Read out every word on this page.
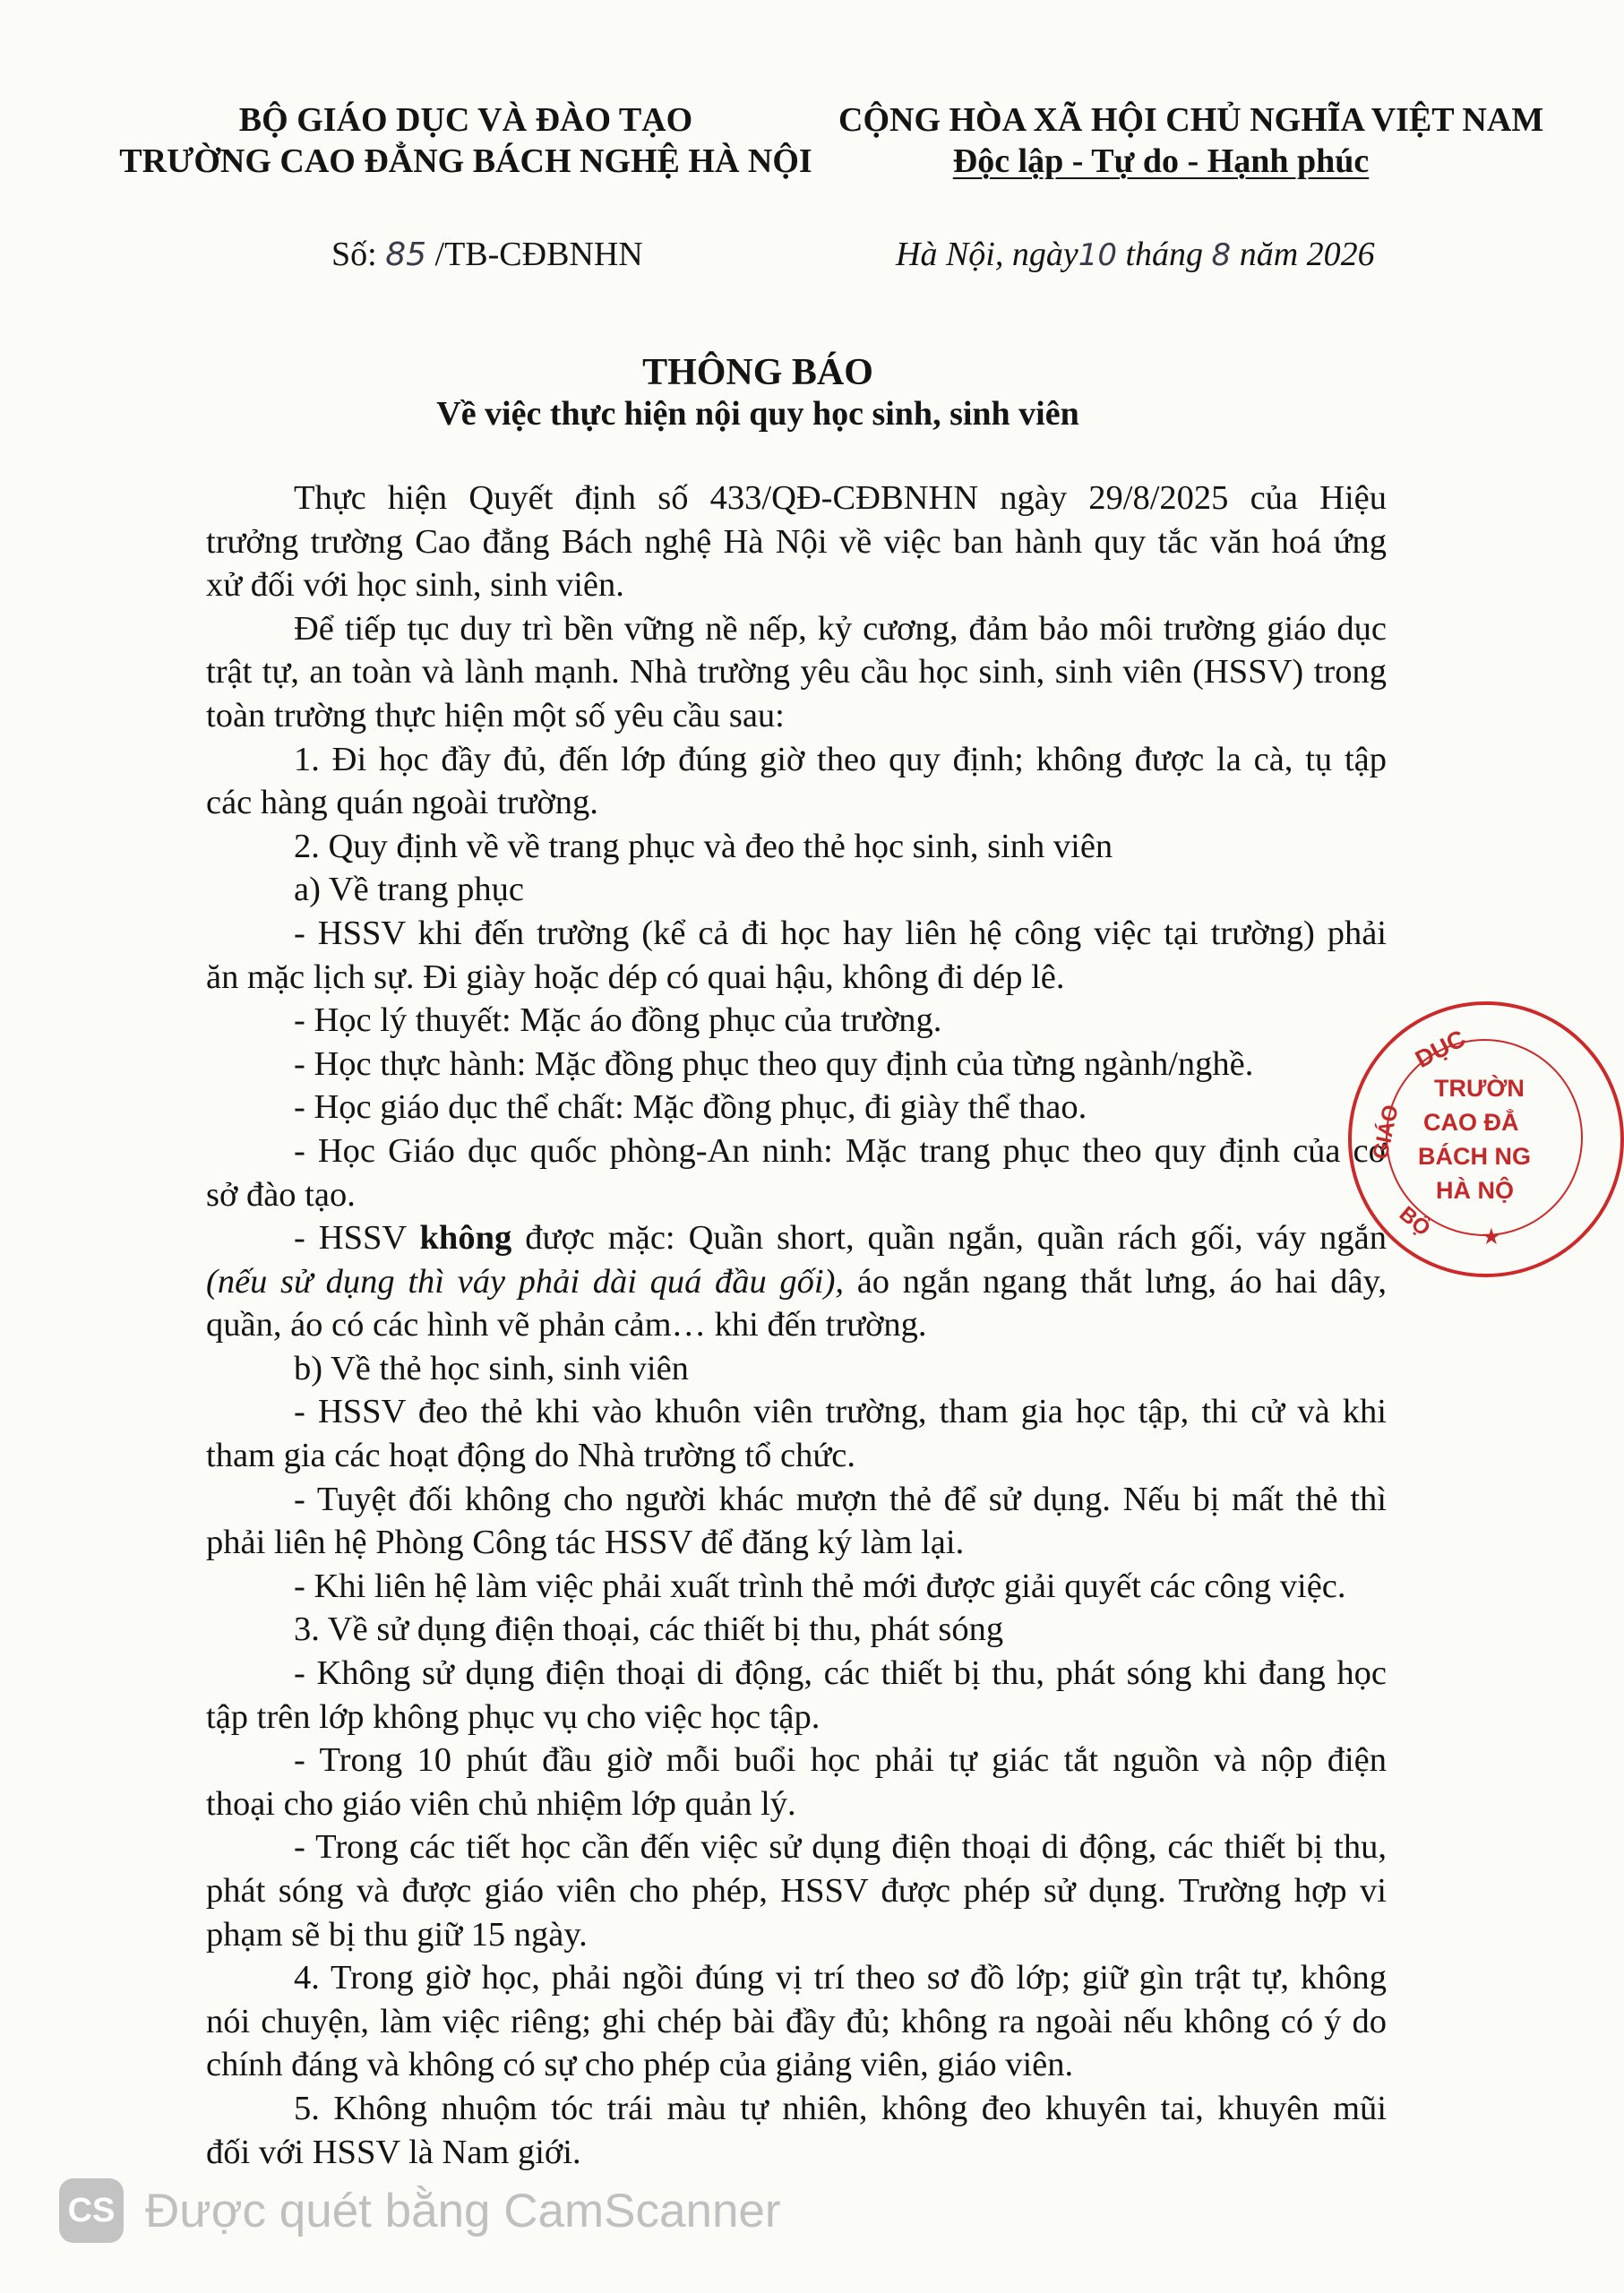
BỘ GIÁO DỤC VÀ ĐÀO TẠO
TRƯỜNG CAO ĐẲNG BÁCH NGHỆ HÀ NỘI
CỘNG HÒA XÃ HỘI CHỦ NGHĨA VIỆT NAM
Độc lập - Tự do - Hạnh phúc
Số: 85 /TB-CĐBNHN	Hà Nội, ngày10 tháng 8 năm 2026
THÔNG BÁO
Về việc thực hiện nội quy học sinh, sinh viên
Thực hiện Quyết định số 433/QĐ-CĐBNHN ngày 29/8/2025 của Hiệu
trưởng trường Cao đẳng Bách nghệ Hà Nội về việc ban hành quy tắc văn hoá ứng
xử đối với học sinh, sinh viên.
Để tiếp tục duy trì bền vững nề nếp, kỷ cương, đảm bảo môi trường giáo dục
trật tự, an toàn và lành mạnh. Nhà trường yêu cầu học sinh, sinh viên (HSSV) trong
toàn trường thực hiện một số yêu cầu sau:
1. Đi học đầy đủ, đến lớp đúng giờ theo quy định; không được la cà, tụ tập
các hàng quán ngoài trường.
2. Quy định về về trang phục và đeo thẻ học sinh, sinh viên
a) Về trang phục
- HSSV khi đến trường (kể cả đi học hay liên hệ công việc tại trường) phải
ăn mặc lịch sự. Đi giày hoặc dép có quai hậu, không đi dép lê.
- Học lý thuyết: Mặc áo đồng phục của trường.
- Học thực hành: Mặc đồng phục theo quy định của từng ngành/nghề.
- Học giáo dục thể chất: Mặc đồng phục, đi giày thể thao.
- Học Giáo dục quốc phòng-An ninh: Mặc trang phục theo quy định của cơ
sở đào tạo.
- HSSV không được mặc: Quần short, quần ngắn, quần rách gối, váy ngắn
(nếu sử dụng thì váy phải dài quá đầu gối), áo ngắn ngang thắt lưng, áo hai dây,
quần, áo có các hình vẽ phản cảm… khi đến trường.
b) Về thẻ học sinh, sinh viên
- HSSV đeo thẻ khi vào khuôn viên trường, tham gia học tập, thi cử và khi
tham gia các hoạt động do Nhà trường tổ chức.
- Tuyệt đối không cho người khác mượn thẻ để sử dụng. Nếu bị mất thẻ thì
phải liên hệ Phòng Công tác HSSV để đăng ký làm lại.
- Khi liên hệ làm việc phải xuất trình thẻ mới được giải quyết các công việc.
3. Về sử dụng điện thoại, các thiết bị thu, phát sóng
- Không sử dụng điện thoại di động, các thiết bị thu, phát sóng khi đang học
tập trên lớp không phục vụ cho việc học tập.
- Trong 10 phút đầu giờ mỗi buổi học phải tự giác tắt nguồn và nộp điện
thoại cho giáo viên chủ nhiệm lớp quản lý.
- Trong các tiết học cần đến việc sử dụng điện thoại di động, các thiết bị thu,
phát sóng và được giáo viên cho phép, HSSV được phép sử dụng. Trường hợp vi
phạm sẽ bị thu giữ 15 ngày.
4. Trong giờ học, phải ngồi đúng vị trí theo sơ đồ lớp; giữ gìn trật tự, không
nói chuyện, làm việc riêng; ghi chép bài đầy đủ; không ra ngoài nếu không có ý do
chính đáng và không có sự cho phép của giảng viên, giáo viên.
5. Không nhuộm tóc trái màu tự nhiên, không đeo khuyên tai, khuyên mũi
đối với HSSV là Nam giới.
DỤC
GIÁO
BỘ
TRƯỜN
CAO ĐẲ
BÁCH NG
HÀ NỘ
★
CS Được quét bằng CamScanner
